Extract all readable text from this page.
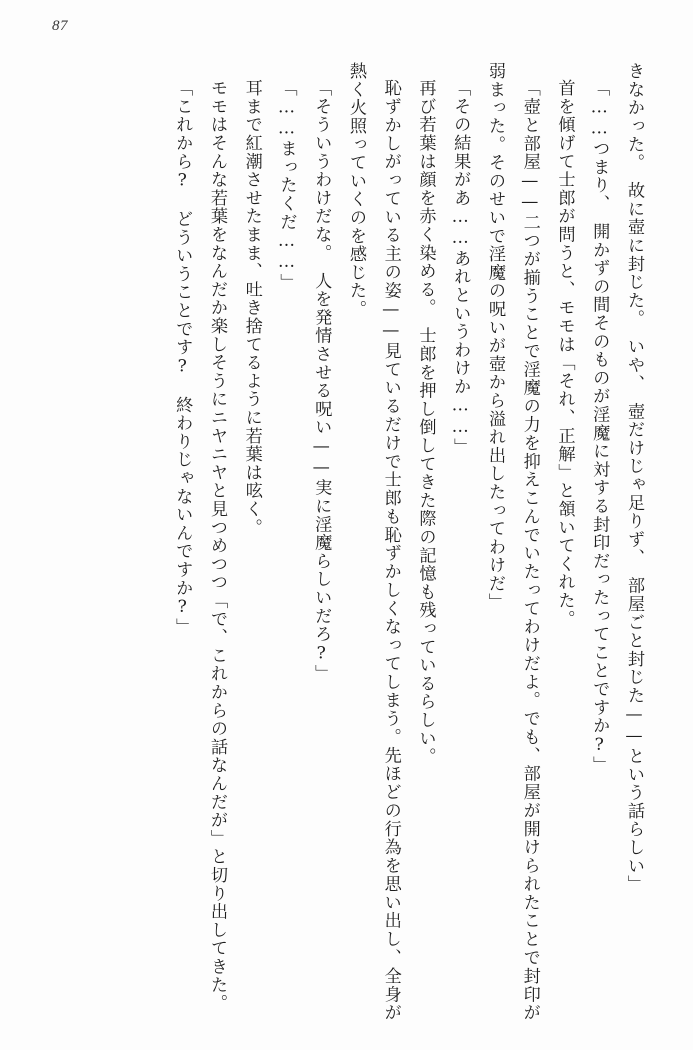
87

きなかった。　故に壺に封じた。　いや、　壺だけじゃ足りず、　部屋ごと封じた——という話らしい」

「……つまり、　開かずの間そのものが淫魔に対する封印だったってことですか?」

首を傾げて士郎が問うと、モモは「それ、正解」と頷いてくれた。

「壺と部屋——二つが揃うことで淫魔の力を抑えこんでいたってわけだよ。でも、部屋が開けられたことで封印が弱まった。そのせいで淫魔の呪いが壺から溢れ出したってわけだ」

「その結果があ……あれというわけか……」

再び若葉は顔を赤く染める。　士郎を押し倒してきた際の記憶も残っているらしい。

恥ずかしがっている主の姿——見ているだけで士郎も恥ずかしくなってしまう。先ほどの行為を思い出し、全身が熱く火照っていくのを感じた。

「そういうわけだな。　人を発情させる呪い——実に淫魔らしいだろ?」

「……まったくだ……」

耳まで紅潮させたまま、吐き捨てるように若葉は呟く。

モモはそんな若葉をなんだか楽しそうにニヤニヤと見つめつつ「で、これからの話なんだが」と切り出してきた。

「これから?　どういうことです?　終わりじゃないんですか?」
